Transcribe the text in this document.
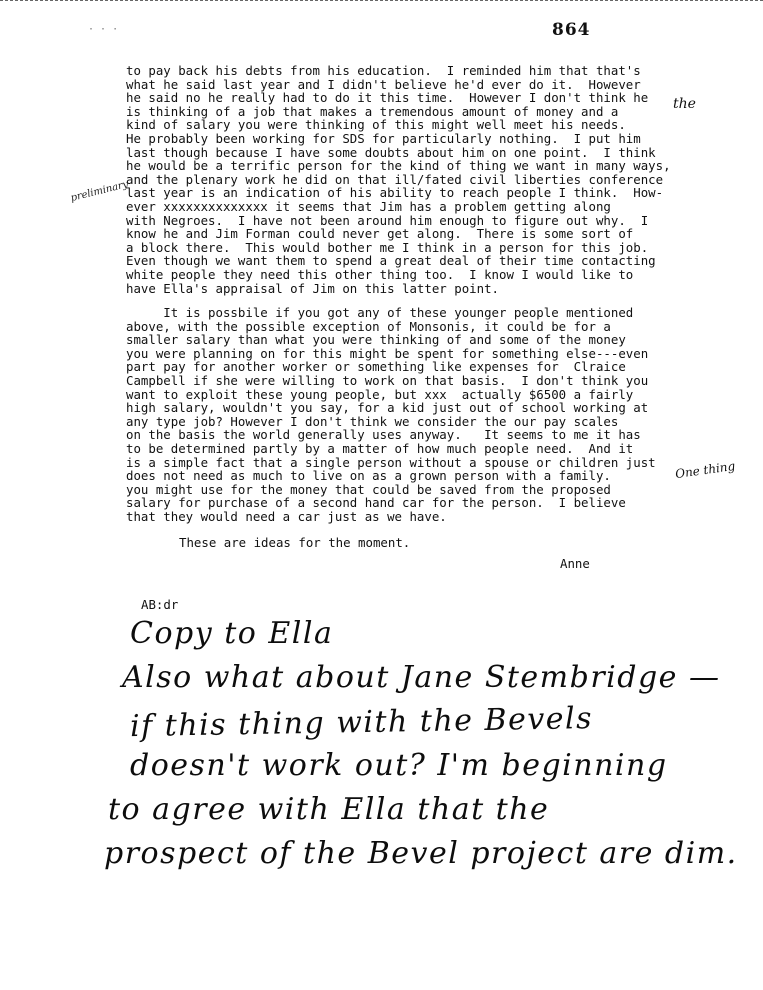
· · ·	864
the
preliminary
to pay back his debts from his education.  I reminded him that that's
what he said last year and I didn't believe he'd ever do it.  However
he said no he really had to do it this time.  However I don't think he
is thinking of a job that makes a tremendous amount of money and a
kind of salary you were thinking of this might well meet his needs.
He probably been working for SDS for particularly nothing.  I put him
last though because I have some doubts about him on one point.  I think
he would be a terrific person for the kind of thing we want in many ways,
and the plenary work he did on that ill/fated civil liberties conference
last year is an indication of his ability to reach people I think.  How-
ever xxxxxxxxxxxxxx it seems that Jim has a problem getting along
with Negroes.  I have not been around him enough to figure out why.  I
know he and Jim Forman could never get along.  There is some sort of
a block there.  This would bother me I think in a person for this job.
Even though we want them to spend a great deal of their time contacting
white people they need this other thing too.  I know I would like to
have Ella's appraisal of Jim on this latter point.
It is possbile if you got any of these younger people mentioned
above, with the possible exception of Monsonis, it could be for a
smaller salary than what you were thinking of and some of the money
you were planning on for this might be spent for something else---even
part pay for another worker or something like expenses for  Clraice
Campbell if she were willing to work on that basis.  I don't think you
want to exploit these young people, but xxx  actually $6500 a fairly
high salary, wouldn't you say, for a kid just out of school working at
any type job? However I don't think we consider the our pay scales
on the basis the world generally uses anyway.   It seems to me it has
to be determined partly by a matter of how much people need.  And it
is a simple fact that a single person without a spouse or children just
does not need as much to live on as a grown person with a family.
you might use for the money that could be saved from the proposed
salary for purchase of a second hand car for the person.  I believe
that they would need a car just as we have.
One thing
These are ideas for the moment.
Anne
AB:dr
Copy to Ella
Also what about Jane Stembridge —
if this thing with the Bevels
doesn't work out? I'm beginning
to agree with Ella that the
prospect of the Bevel project are dim.
